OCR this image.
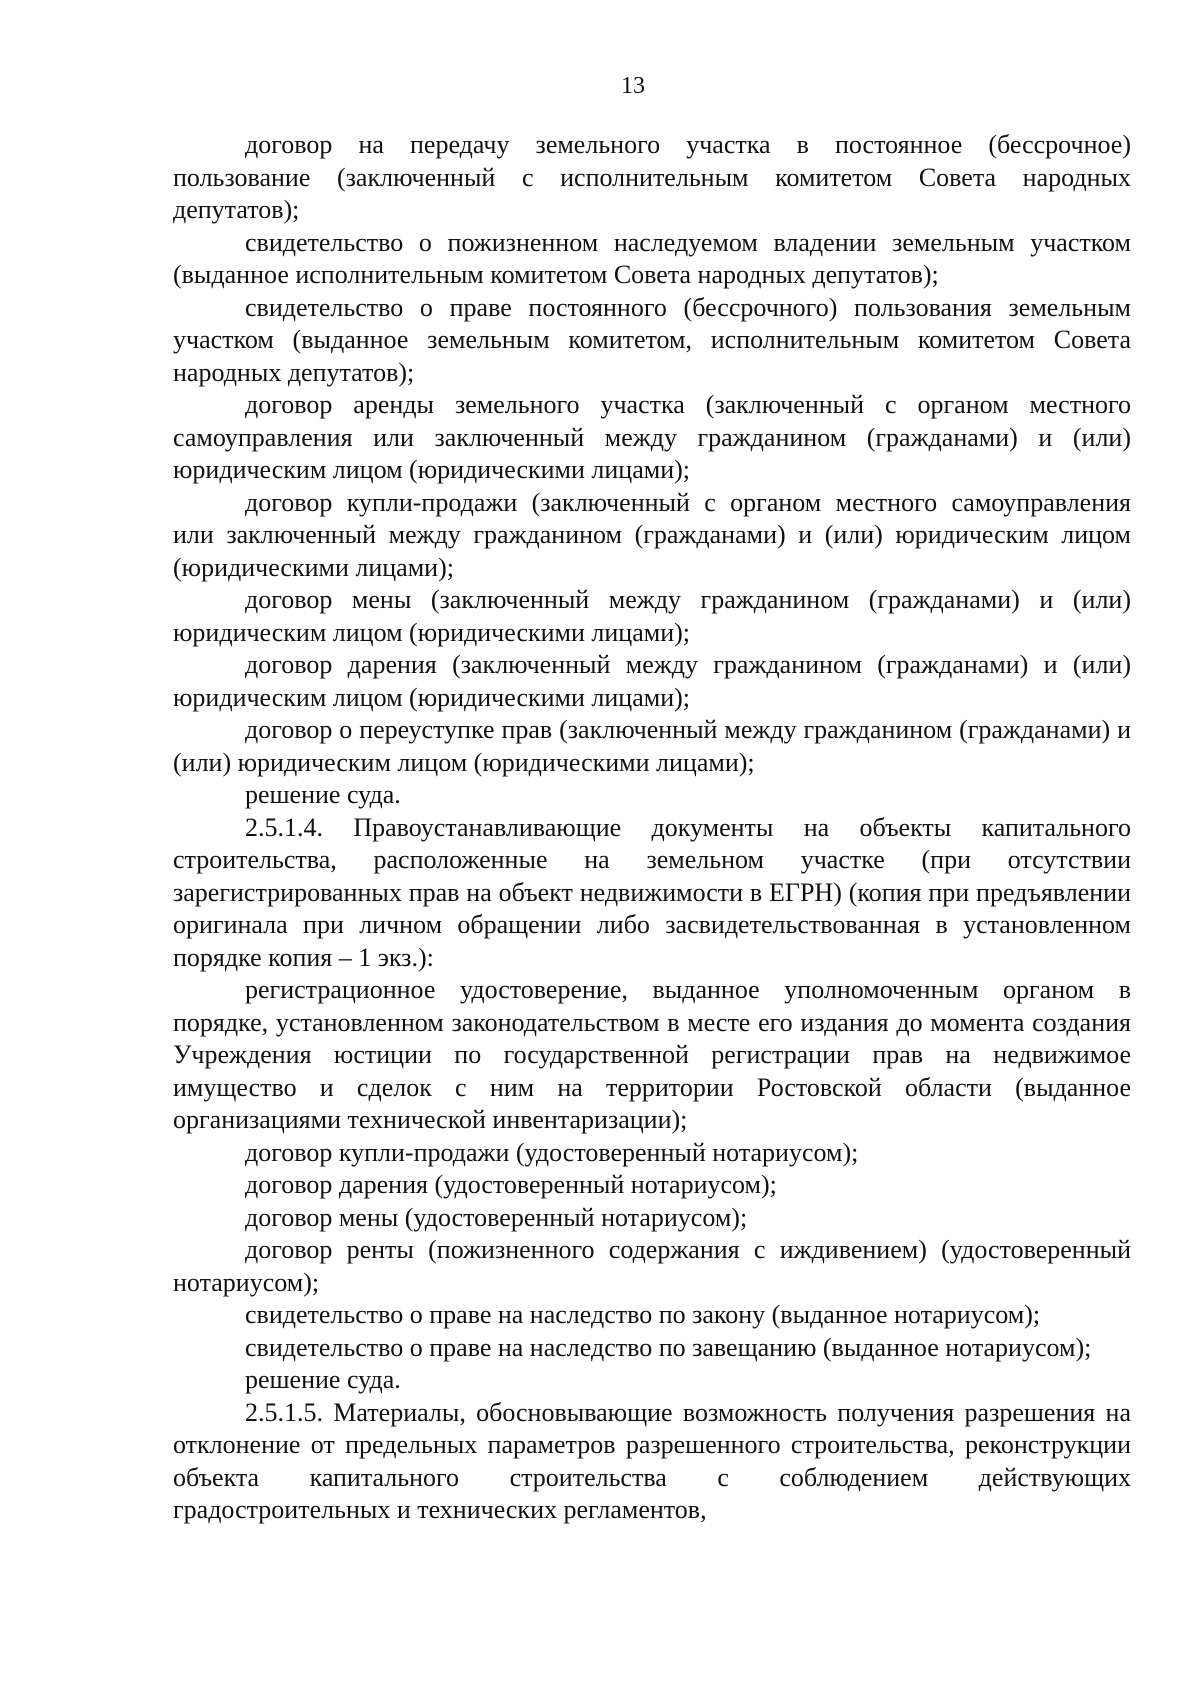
13

договор на передачу земельного участка в постоянное (бессрочное) пользование (заключенный с исполнительным комитетом Совета народных депутатов);

свидетельство о пожизненном наследуемом владении земельным участком (выданное исполнительным комитетом Совета народных депутатов);

свидетельство о праве постоянного (бессрочного) пользования земельным участком (выданное земельным комитетом, исполнительным комитетом Совета народных депутатов);

договор аренды земельного участка (заключенный с органом местного самоуправления или заключенный между гражданином (гражданами) и (или) юридическим лицом (юридическими лицами);

договор купли-продажи (заключенный с органом местного самоуправления или заключенный между гражданином (гражданами) и (или) юридическим лицом (юридическими лицами);

договор мены (заключенный между гражданином (гражданами) и (или) юридическим лицом (юридическими лицами);

договор дарения (заключенный между гражданином (гражданами) и (или) юридическим лицом (юридическими лицами);

договор о переуступке прав (заключенный между гражданином (гражданами) и (или) юридическим лицом (юридическими лицами);

решение суда.

2.5.1.4. Правоустанавливающие документы на объекты капитального строительства, расположенные на земельном участке (при отсутствии зарегистрированных прав на объект недвижимости в ЕГРН) (копия при предъявлении оригинала при личном обращении либо засвидетельствованная в установленном порядке копия – 1 экз.):

регистрационное удостоверение, выданное уполномоченным органом в порядке, установленном законодательством в месте его издания до момента создания Учреждения юстиции по государственной регистрации прав на недвижимое имущество и сделок с ним на территории Ростовской области (выданное организациями технической инвентаризации);

договор купли-продажи (удостоверенный нотариусом);

договор дарения (удостоверенный нотариусом);

договор мены (удостоверенный нотариусом);

договор ренты (пожизненного содержания с иждивением) (удостоверенный нотариусом);

свидетельство о праве на наследство по закону (выданное нотариусом);

свидетельство о праве на наследство по завещанию (выданное нотариусом);

решение суда.

2.5.1.5. Материалы, обосновывающие возможность получения разрешения на отклонение от предельных параметров разрешенного строительства, реконструкции объекта капитального строительства с соблюдением действующих градостроительных и технических регламентов,
